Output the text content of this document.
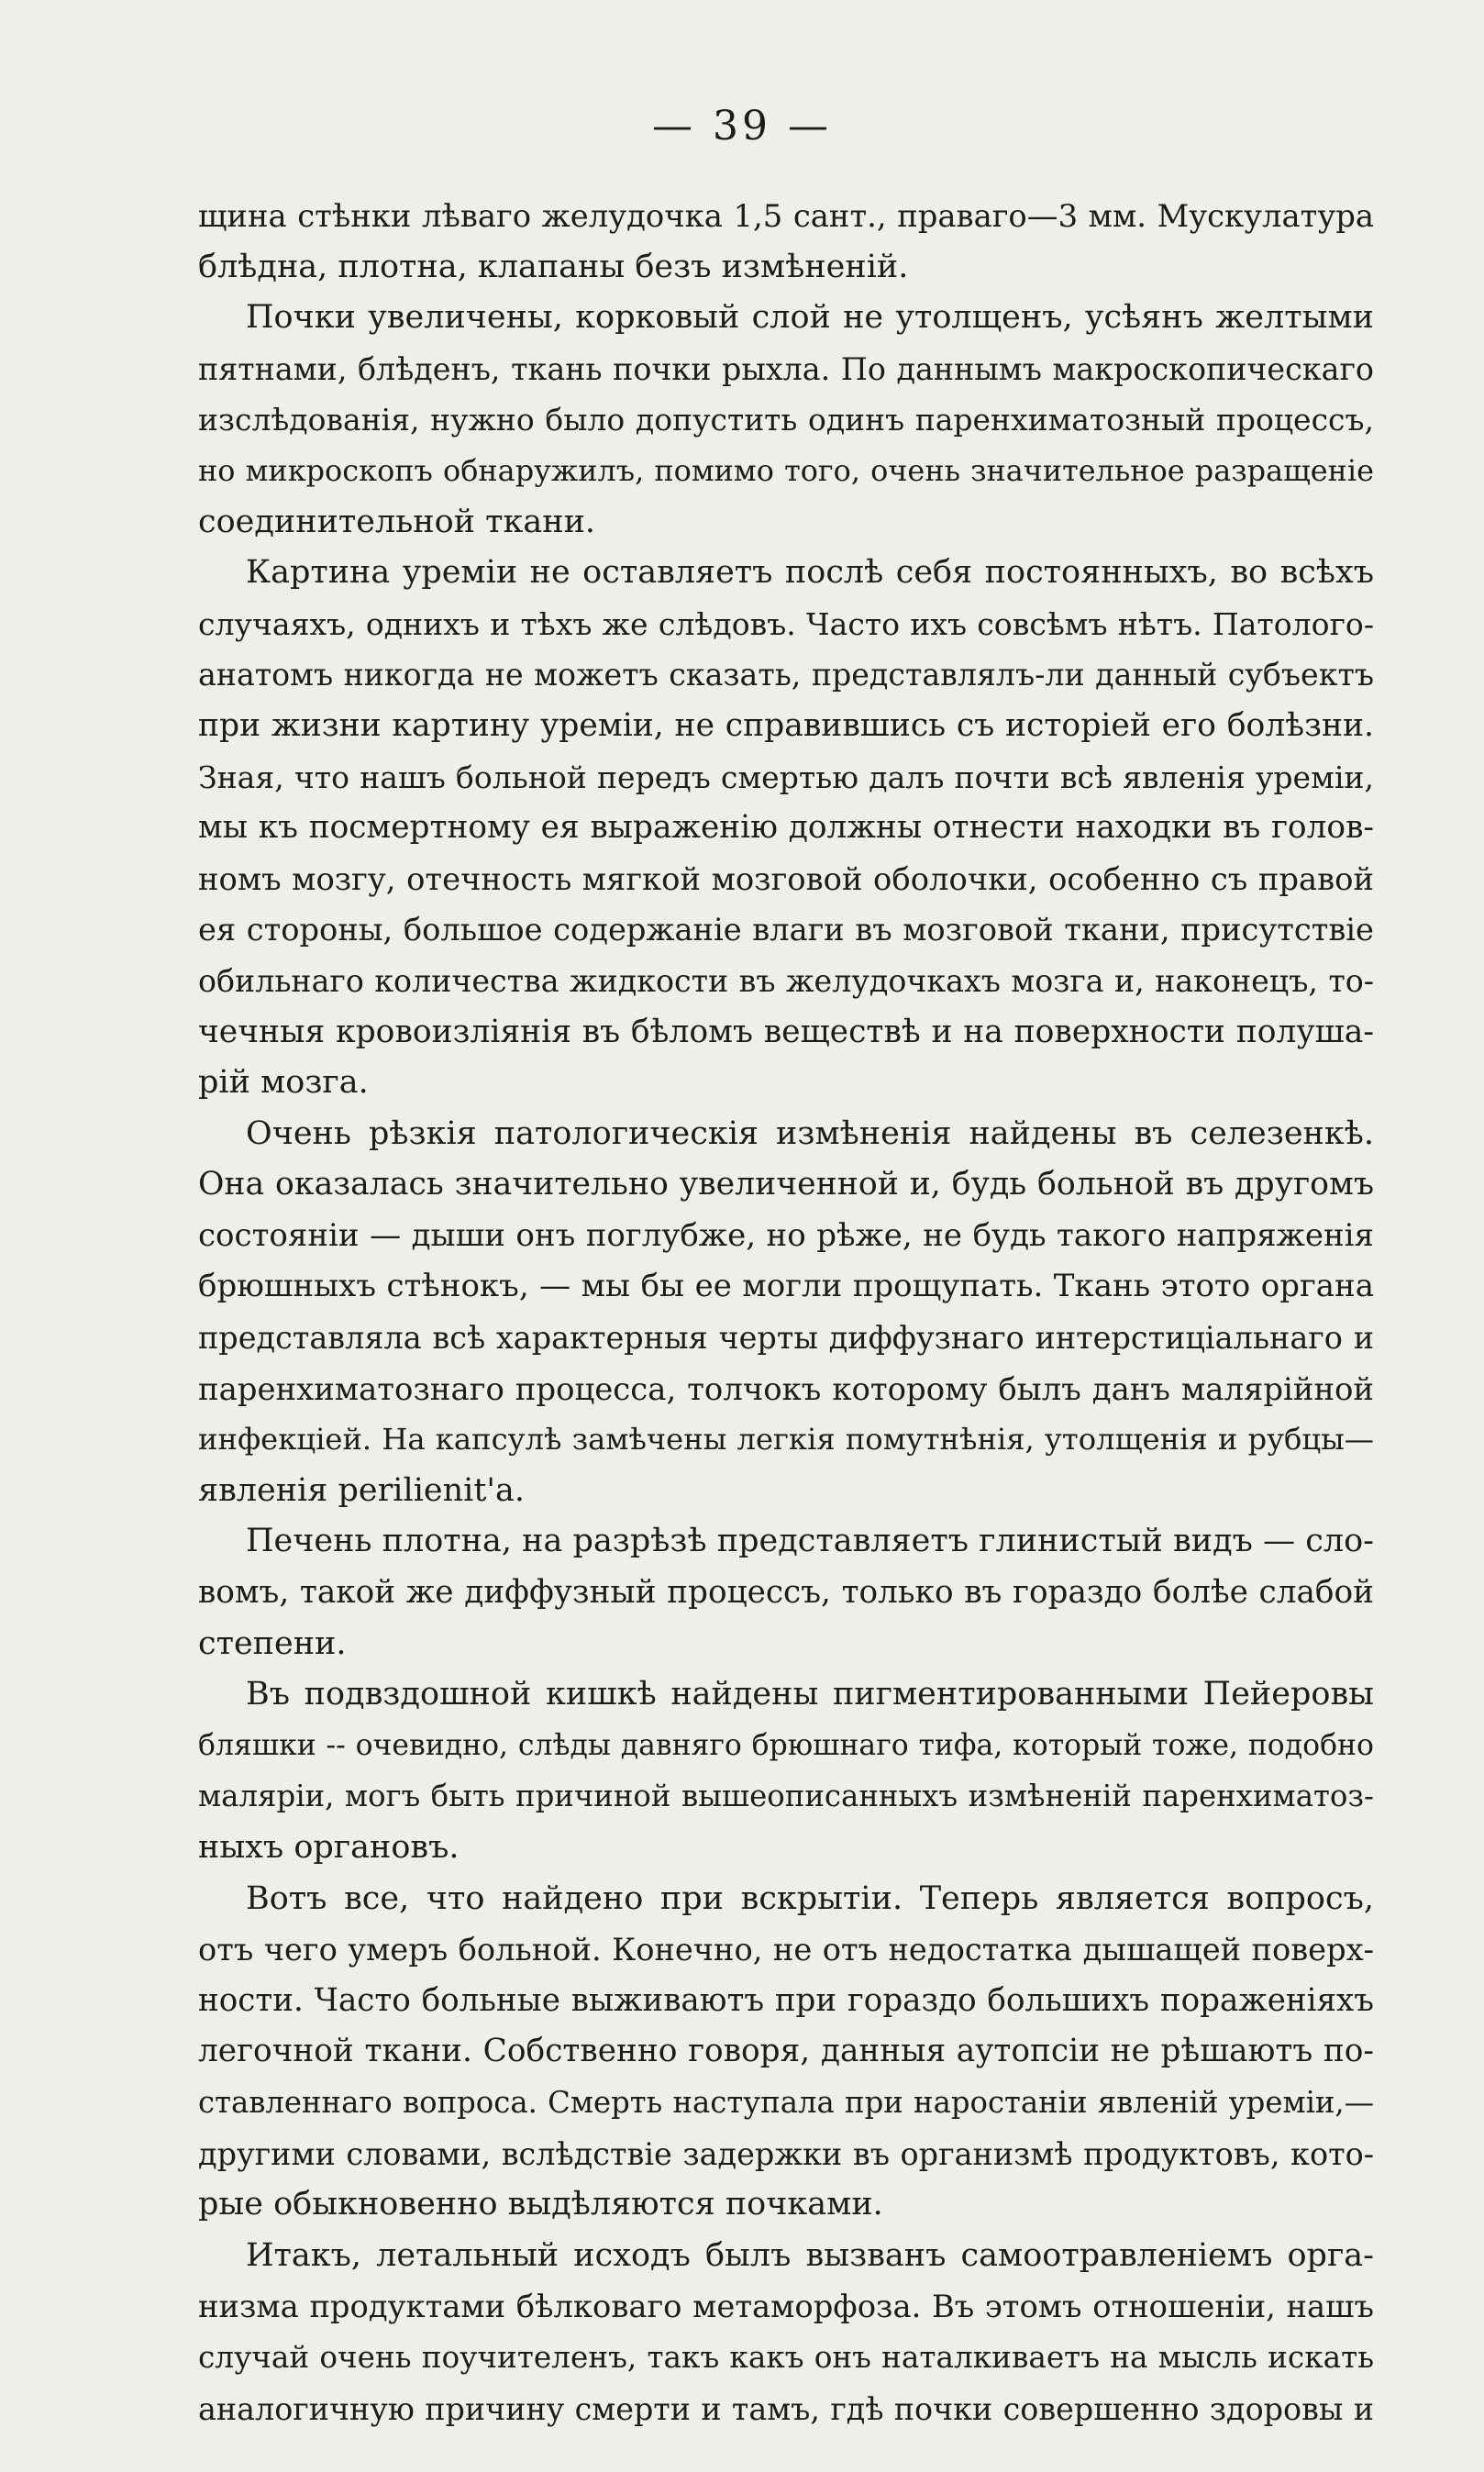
— 39 —
щина стѣнки лѣваго желудочка 1,5 сант., праваго—3 мм. Мускулатура
блѣдна, плотна, клапаны безъ измѣненій.
Почки увеличены, корковый слой не утолщенъ, усѣянъ желтыми
пятнами, блѣденъ, ткань почки рыхла. По даннымъ макроскопическаго
изслѣдованія, нужно было допустить одинъ паренхиматозный процессъ,
но микроскопъ обнаружилъ, помимо того, очень значительное разращеніе
соединительной ткани.
Картина уреміи не оставляетъ послѣ себя постоянныхъ, во всѣхъ
случаяхъ, однихъ и тѣхъ же слѣдовъ. Часто ихъ совсѣмъ нѣтъ. Патолого-
анатомъ никогда не можетъ сказать, представлялъ-ли данный субъектъ
при жизни картину уреміи, не справившись съ исторіей его болѣзни.
Зная, что нашъ больной передъ смертью далъ почти всѣ явленія уреміи,
мы къ посмертному ея выраженію должны отнести находки въ голов-
номъ мозгу, отечность мягкой мозговой оболочки, особенно съ правой
ея стороны, большое содержаніе влаги въ мозговой ткани, присутствіе
обильнаго количества жидкости въ желудочкахъ мозга и, наконецъ, то-
чечныя кровоизліянія въ бѣломъ веществѣ и на поверхности полуша-
рій мозга.
Очень рѣзкія патологическія измѣненія найдены въ селезенкѣ.
Она оказалась значительно увеличенной и, будь больной въ другомъ
состояніи — дыши онъ поглубже, но рѣже, не будь такого напряженія
брюшныхъ стѣнокъ, — мы бы ее могли прощупать. Ткань этото органа
представляла всѣ характерныя черты диффузнаго интерстиціальнаго и
паренхиматознаго процесса, толчокъ которому былъ данъ малярійной
инфекціей. На капсулѣ замѣчены легкія помутнѣнія, утолщенія и рубцы—
явленія perilienit'a.
Печень плотна, на разрѣзѣ представляетъ глинистый видъ — сло-
вомъ, такой же диффузный процессъ, только въ гораздо болѣе слабой
степени.
Въ подвздошной кишкѣ найдены пигментированными Пейеровы
бляшки -- очевидно, слѣды давняго брюшнаго тифа, который тоже, подобно
маляріи, могъ быть причиной вышеописанныхъ измѣненій паренхиматоз-
ныхъ органовъ.
Вотъ все, что найдено при вскрытіи. Теперь является вопросъ,
отъ чего умеръ больной. Конечно, не отъ недостатка дышащей поверх-
ности. Часто больные выживаютъ при гораздо большихъ пораженіяхъ
легочной ткани. Собственно говоря, данныя аутопсіи не рѣшаютъ по-
ставленнаго вопроса. Смерть наступала при наростаніи явленій уреміи,—
другими словами, вслѣдствіе задержки въ организмѣ продуктовъ, кото-
рые обыкновенно выдѣляются почками.
Итакъ, летальный исходъ былъ вызванъ самоотравленіемъ орга-
низма продуктами бѣлковаго метаморфоза. Въ этомъ отношеніи, нашъ
случай очень поучителенъ, такъ какъ онъ наталкиваетъ на мысль искать
аналогичную причину смерти и тамъ, гдѣ почки совершенно здоровы и
